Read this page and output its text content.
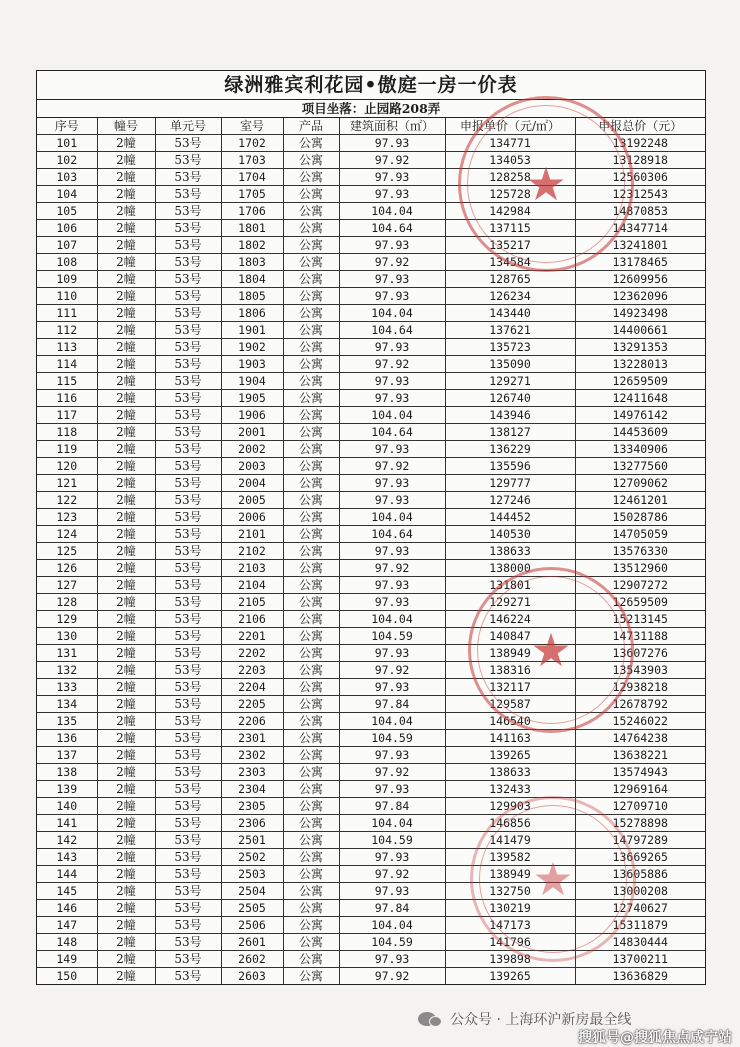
绿洲雅宾利花园•傲庭一房一价表
项目坐落：止园路208弄
序号	幢号	单元号	室号	产品	建筑面积（㎡）	申报单价（元/㎡）	申报总价（元）
101	2幢	53号	1702	公寓	97.93	134771	13192248
102	2幢	53号	1703	公寓	97.92	134053	13128918
103	2幢	53号	1704	公寓	97.93	128258	12560306
104	2幢	53号	1705	公寓	97.93	125728	12312543
105	2幢	53号	1706	公寓	104.04	142984	14870853
106	2幢	53号	1801	公寓	104.64	137115	14347714
107	2幢	53号	1802	公寓	97.93	135217	13241801
108	2幢	53号	1803	公寓	97.92	134584	13178465
109	2幢	53号	1804	公寓	97.93	128765	12609956
110	2幢	53号	1805	公寓	97.93	126234	12362096
111	2幢	53号	1806	公寓	104.04	143440	14923498
112	2幢	53号	1901	公寓	104.64	137621	14400661
113	2幢	53号	1902	公寓	97.93	135723	13291353
114	2幢	53号	1903	公寓	97.92	135090	13228013
115	2幢	53号	1904	公寓	97.93	129271	12659509
116	2幢	53号	1905	公寓	97.93	126740	12411648
117	2幢	53号	1906	公寓	104.04	143946	14976142
118	2幢	53号	2001	公寓	104.64	138127	14453609
119	2幢	53号	2002	公寓	97.93	136229	13340906
120	2幢	53号	2003	公寓	97.92	135596	13277560
121	2幢	53号	2004	公寓	97.93	129777	12709062
122	2幢	53号	2005	公寓	97.93	127246	12461201
123	2幢	53号	2006	公寓	104.04	144452	15028786
124	2幢	53号	2101	公寓	104.64	140530	14705059
125	2幢	53号	2102	公寓	97.93	138633	13576330
126	2幢	53号	2103	公寓	97.92	138000	13512960
127	2幢	53号	2104	公寓	97.93	131801	12907272
128	2幢	53号	2105	公寓	97.93	129271	12659509
129	2幢	53号	2106	公寓	104.04	146224	15213145
130	2幢	53号	2201	公寓	104.59	140847	14731188
131	2幢	53号	2202	公寓	97.93	138949	13607276
132	2幢	53号	2203	公寓	97.92	138316	13543903
133	2幢	53号	2204	公寓	97.93	132117	12938218
134	2幢	53号	2205	公寓	97.84	129587	12678792
135	2幢	53号	2206	公寓	104.04	146540	15246022
136	2幢	53号	2301	公寓	104.59	141163	14764238
137	2幢	53号	2302	公寓	97.93	139265	13638221
138	2幢	53号	2303	公寓	97.92	138633	13574943
139	2幢	53号	2304	公寓	97.93	132433	12969164
140	2幢	53号	2305	公寓	97.84	129903	12709710
141	2幢	53号	2306	公寓	104.04	146856	15278898
142	2幢	53号	2501	公寓	104.59	141479	14797289
143	2幢	53号	2502	公寓	97.93	139582	13669265
144	2幢	53号	2503	公寓	97.92	138949	13605886
145	2幢	53号	2504	公寓	97.93	132750	13000208
146	2幢	53号	2505	公寓	97.84	130219	12740627
147	2幢	53号	2506	公寓	104.04	147173	15311879
148	2幢	53号	2601	公寓	104.59	141796	14830444
149	2幢	53号	2602	公寓	97.93	139898	13700211
150	2幢	53号	2603	公寓	97.92	139265	13636829
★
★
★
公众号 · 上海环沪新房最全线
搜狐号@搜狐焦点咸宁站
